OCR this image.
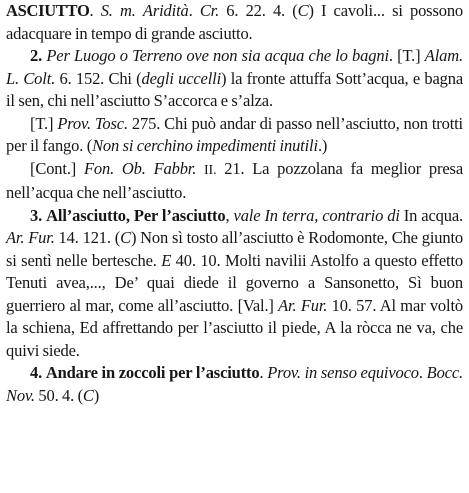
ASCIUTTO. S. m. Aridità. Cr. 6. 22. 4. (C) I cavoli... si possono adacquare in tempo di grande asciutto.

2. Per Luogo o Terreno ove non sia acqua che lo bagni. [T.] Alam. L. Colt. 6. 152. Chi (degli uccelli) la fronte attuffa Sott’acqua, e bagna il sen, chi nell’asciutto S’accorca e s’alza.

[T.] Prov. Tosc. 275. Chi può andar di passo nell’asciutto, non trotti per il fango. (Non si cerchino impedimenti inutili.)

[Cont.] Fon. Ob. Fabbr. II. 21. La pozzolana fa meglior presa nell’acqua che nell’asciutto.

3. All’asciutto, Per l’asciutto, vale In terra, contrario di In acqua. Ar. Fur. 14. 121. (C) Non sì tosto all’asciutto è Rodomonte, Che giunto si sentì nelle bertesche. E 40. 10. Molti navilii Astolfo a questo effetto Tenuti avea,..., De’ quai diede il governo a Sansonetto, Sì buon guerriero al mar, come all’asciutto. [Val.] Ar. Fur. 10. 57. Al mar voltò la schiena, Ed affrettando per l’asciutto il piede, A la ròcca ne va, che quivi siede.

4. Andare in zoccoli per l’asciutto. Prov. in senso equivoco. Bocc. Nov. 50. 4. (C)
